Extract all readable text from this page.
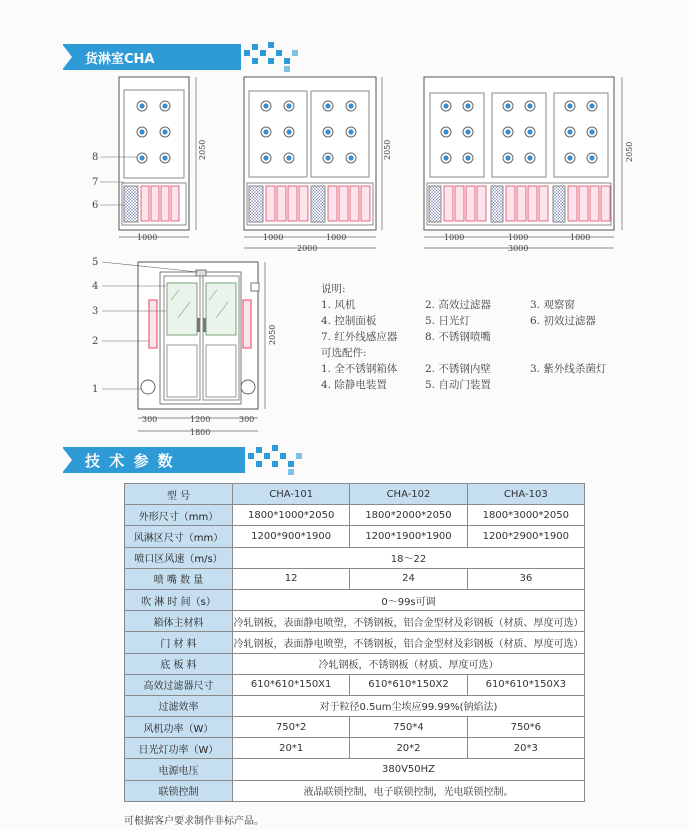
货淋室CHA
1000
2050
8
7
6
1000	1000
2000
2050
1000	1000	1000
3000
2050
300	1200	300
1800
2050
5
4
3
2
1
说明:
1. 风机	2. 高效过滤器	3. 观察窗
4. 控制面板	5. 日光灯	6. 初效过滤器
7. 红外线感应器	8. 不锈钢喷嘴
可选配件:
1. 全不锈钢箱体	2. 不锈钢内壁	3. 紫外线杀菌灯
4. 除静电装置	5. 自动门装置
技 术 参 数
型 号	CHA-101	CHA-102	CHA-103
外形尺寸（mm）	1800*1000*2050	1800*2000*2050	1800*3000*2050
风淋区尺寸（mm）	1200*900*1900	1200*1900*1900	1200*2900*1900
喷口区风速（m/s）	18～22		
喷 嘴 数 量	12	24	36
吹 淋 时 间（s）	0～99s可调		
箱体主材料	冷轧钢板，表面静电喷塑，不锈钢板，铝合金型材及彩钢板（材质、厚度可选）		
门 材 料	冷轧钢板，表面静电喷塑，不锈钢板，铝合金型材及彩钢板（材质、厚度可选）		
底 板 料	冷轧钢板，不锈钢板（材质、厚度可选）		
高效过滤器尺寸	610*610*150X1	610*610*150X2	610*610*150X3
过滤效率	对于粒径0.5um尘埃应99.99%(钠焰法)		
风机功率（W）	750*2	750*4	750*6
日光灯功率（W）	20*1	20*2	20*3
电源电压	380V50HZ		
联锁控制	液晶联锁控制，电子联锁控制，光电联锁控制。		
可根据客户要求制作非标产品。
